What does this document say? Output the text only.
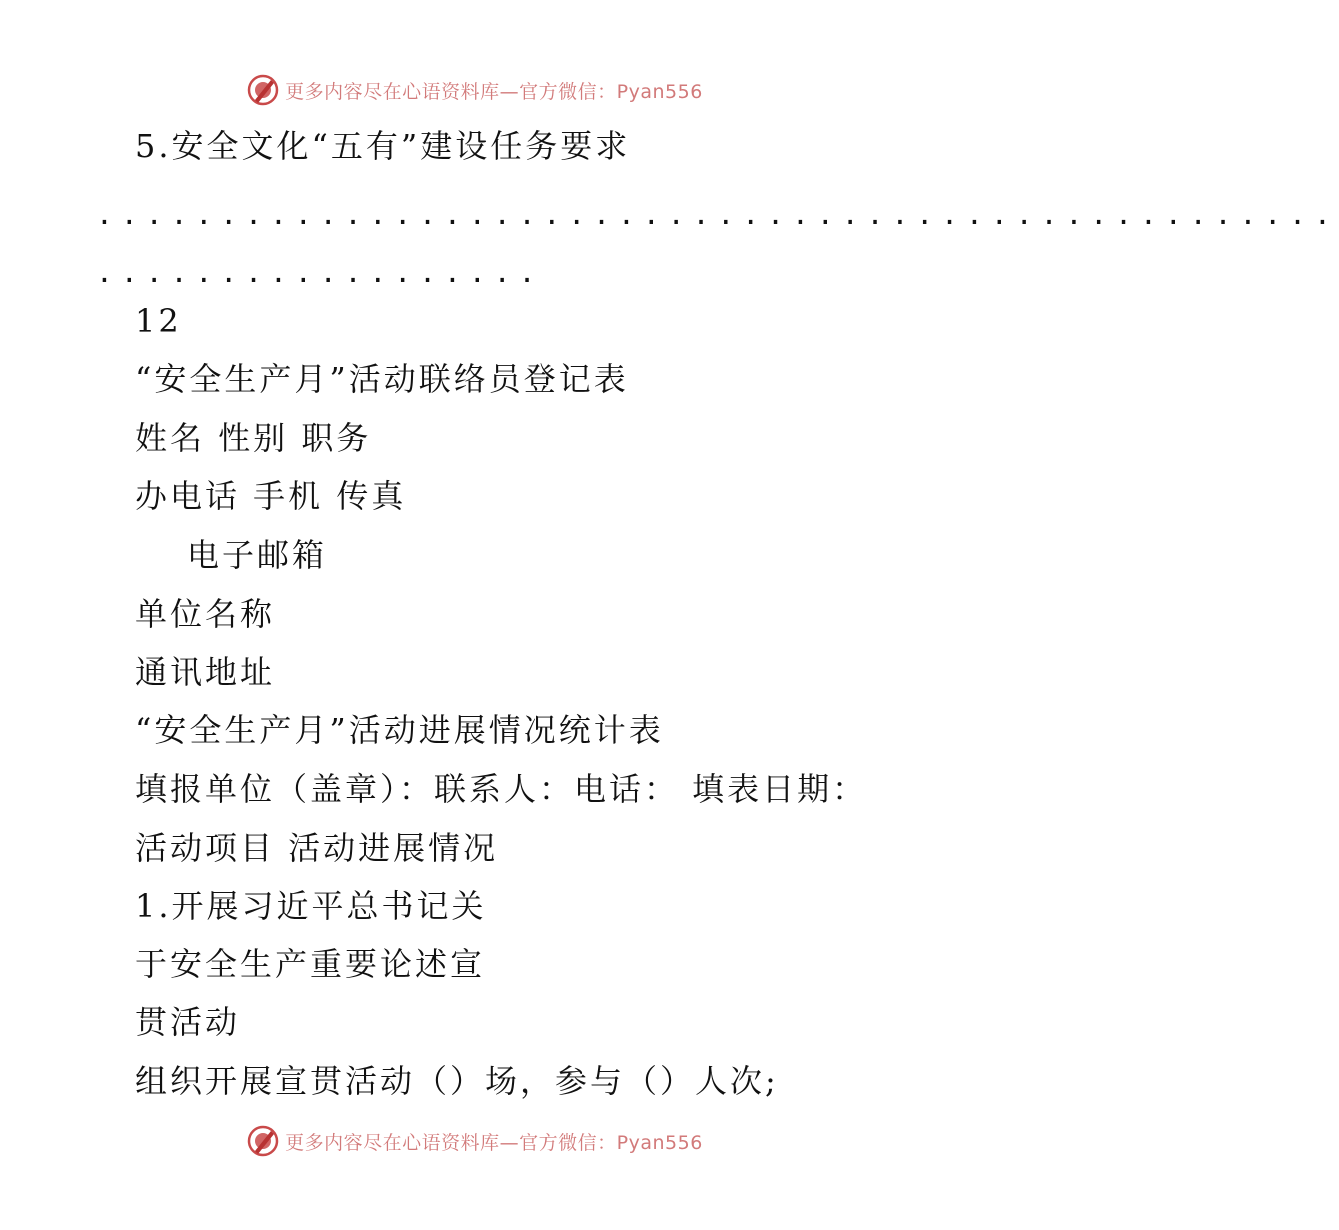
更多内容尽在心语资料库—官方微信：Pyan556
5.安全文化“五有”建设任务要求
..................................................
..................
12
“安全生产月”活动联络员登记表
姓名 性别 职务
办电话 手机 传真
电子邮箱
单位名称
通讯地址
“安全生产月”活动进展情况统计表
填报单位（盖章）：联系人：电话： 填表日期：
活动项目 活动进展情况
1.开展习近平总书记关
于安全生产重要论述宣
贯活动
组织开展宣贯活动（）场，参与（）人次;
更多内容尽在心语资料库—官方微信：Pyan556
